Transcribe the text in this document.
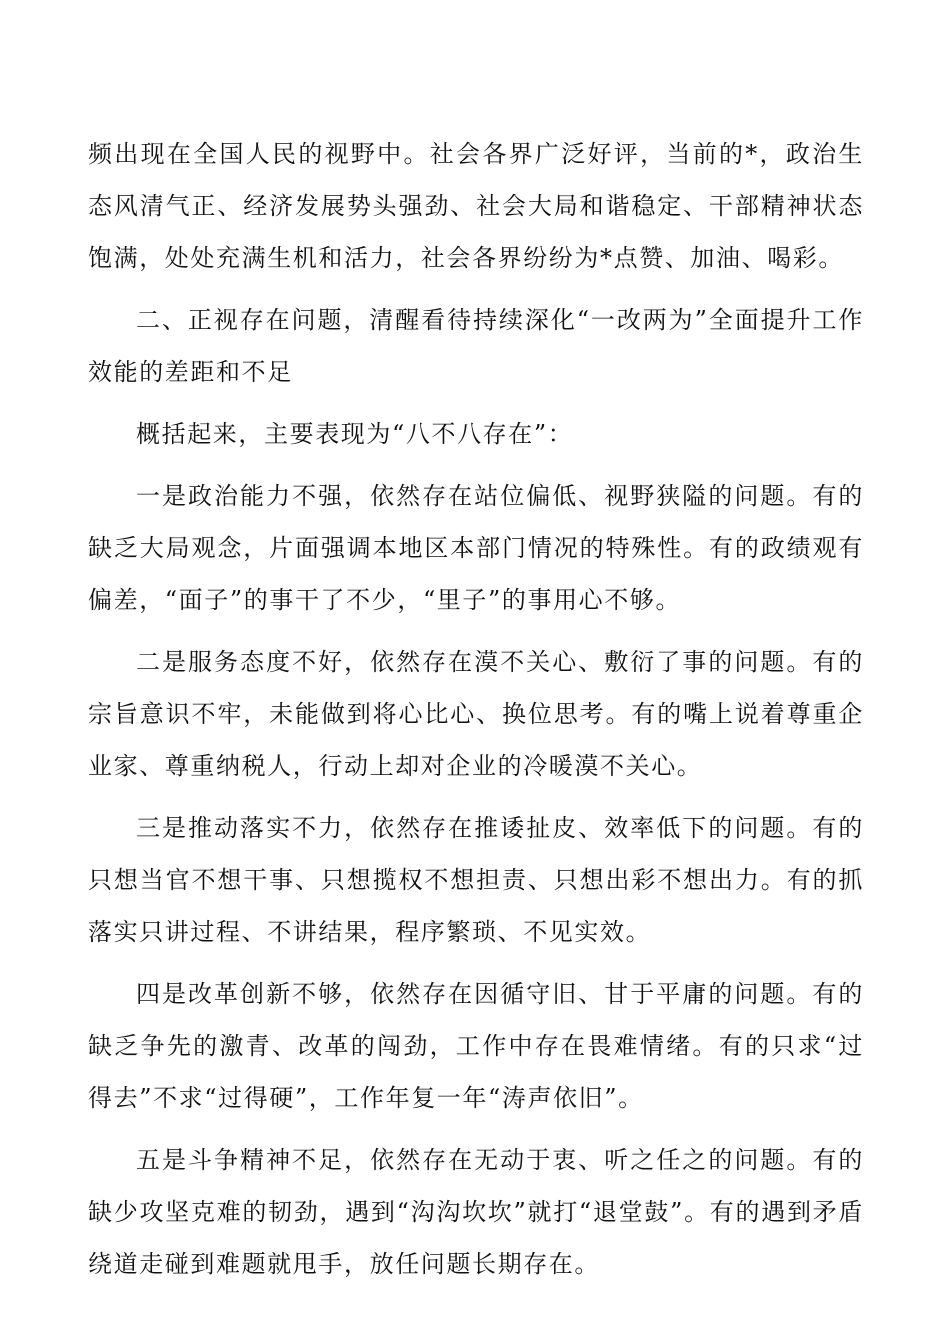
频出现在全国人民的视野中。社会各界广泛好评，当前的*，政治生态风清气正、经济发展势头强劲、社会大局和谐稳定、干部精神状态饱满，处处充满生机和活力，社会各界纷纷为*点赞、加油、喝彩。

二、正视存在问题，清醒看待持续深化“一改两为”全面提升工作效能的差距和不足

概括起来，主要表现为“八不八存在”：

一是政治能力不强，依然存在站位偏低、视野狭隘的问题。有的缺乏大局观念，片面强调本地区本部门情况的特殊性。有的政绩观有偏差，“面子”的事干了不少，“里子”的事用心不够。

二是服务态度不好，依然存在漠不关心、敷衍了事的问题。有的宗旨意识不牢，未能做到将心比心、换位思考。有的嘴上说着尊重企业家、尊重纳税人，行动上却对企业的冷暖漠不关心。

三是推动落实不力，依然存在推诿扯皮、效率低下的问题。有的只想当官不想干事、只想揽权不想担责、只想出彩不想出力。有的抓落实只讲过程、不讲结果，程序繁琐、不见实效。

四是改革创新不够，依然存在因循守旧、甘于平庸的问题。有的缺乏争先的激青、改革的闯劲，工作中存在畏难情绪。有的只求“过得去”不求“过得硬”，工作年复一年“涛声依旧”。

五是斗争精神不足，依然存在无动于衷、听之任之的问题。有的缺少攻坚克难的韧劲，遇到“沟沟坎坎”就打“退堂鼓”。有的遇到矛盾绕道走碰到难题就甩手，放任问题长期存在。
